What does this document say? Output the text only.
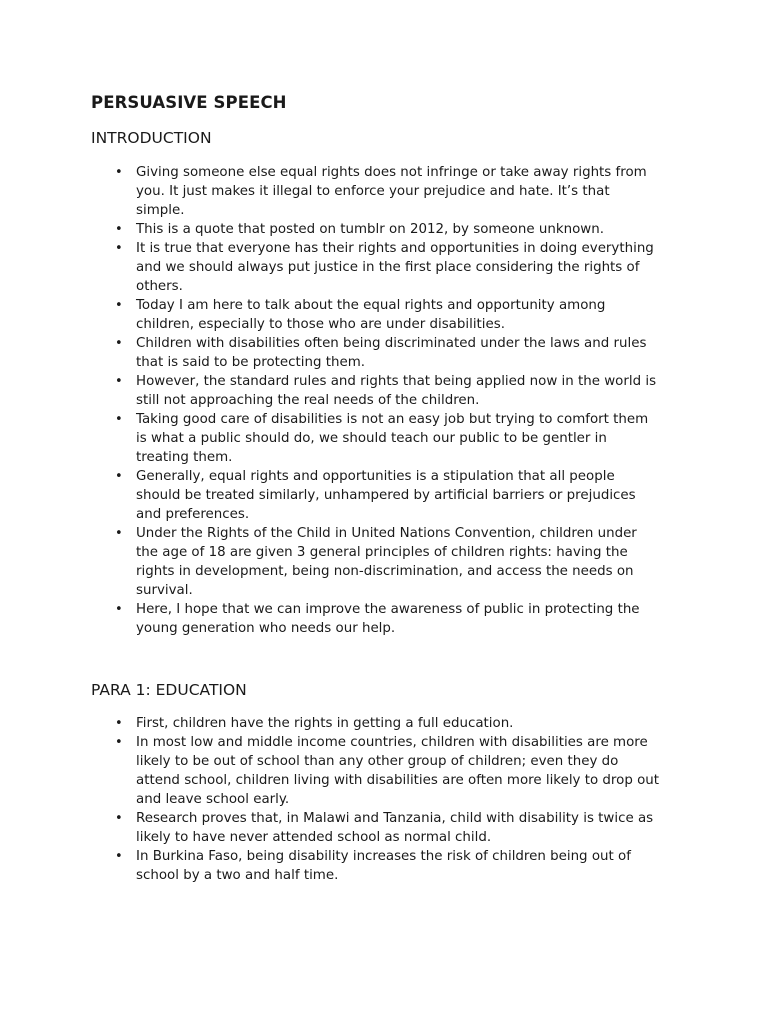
PERSUASIVE SPEECH
INTRODUCTION
• Giving someone else equal rights does not infringe or take away rights from
you. It just makes it illegal to enforce your prejudice and hate. It’s that
simple.
• This is a quote that posted on tumblr on 2012, by someone unknown.
• It is true that everyone has their rights and opportunities in doing everything
and we should always put justice in the first place considering the rights of
others.
• Today I am here to talk about the equal rights and opportunity among
children, especially to those who are under disabilities.
• Children with disabilities often being discriminated under the laws and rules
that is said to be protecting them.
• However, the standard rules and rights that being applied now in the world is
still not approaching the real needs of the children.
• Taking good care of disabilities is not an easy job but trying to comfort them
is what a public should do, we should teach our public to be gentler in
treating them.
• Generally, equal rights and opportunities is a stipulation that all people
should be treated similarly, unhampered by artificial barriers or prejudices
and preferences.
• Under the Rights of the Child in United Nations Convention, children under
the age of 18 are given 3 general principles of children rights: having the
rights in development, being non-discrimination, and access the needs on
survival.
• Here, I hope that we can improve the awareness of public in protecting the
young generation who needs our help.
PARA 1: EDUCATION
• First, children have the rights in getting a full education.
• In most low and middle income countries, children with disabilities are more
likely to be out of school than any other group of children; even they do
attend school, children living with disabilities are often more likely to drop out
and leave school early.
• Research proves that, in Malawi and Tanzania, child with disability is twice as
likely to have never attended school as normal child.
• In Burkina Faso, being disability increases the risk of children being out of
school by a two and half time.
